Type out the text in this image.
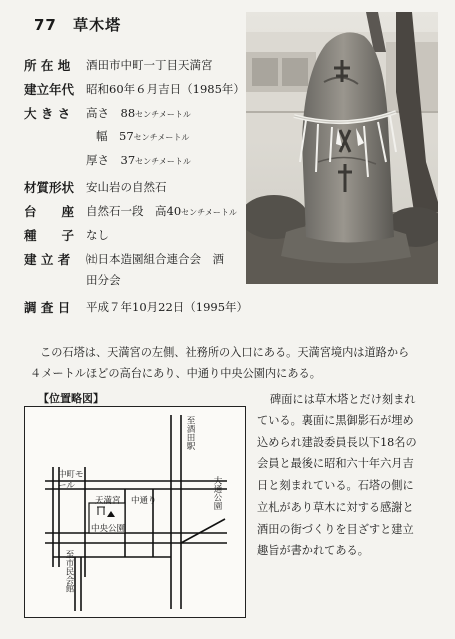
77 草木塔
所 在 地 酒田市中町一丁目天満宮
建立年代 昭和60年６月吉日（1985年）
大 き さ 高さ　88センチメートル
幅　57センチメートル
厚さ　37センチメートル
材質形状 安山岩の自然石
台　　座 自然石一段　高40センチメートル
種　　子 なし
建 立 者 ㈳日本造園組合連合会　酒
田分会
調 査 日 平成７年10月22日（1995年）
この石塔は、天満宮の左側、社務所の入口にある。天満宮境内は道路から
４メートルほどの高台にあり、中通り中央公園内にある。
【位置略図】
天満宮 中通り
中央公園
至酒田駅
大通公園
中町モール
至市民会館
碑面には草木塔とだけ刻まれ
ている。裏面に黒御影石が埋め
込められ建設委員長以下18名の
会員と最後に昭和六十年六月吉
日と刻まれている。石塔の側に
立札があり草木に対する感謝と
酒田の街づくりを目ざすと建立
趣旨が書かれてある。
